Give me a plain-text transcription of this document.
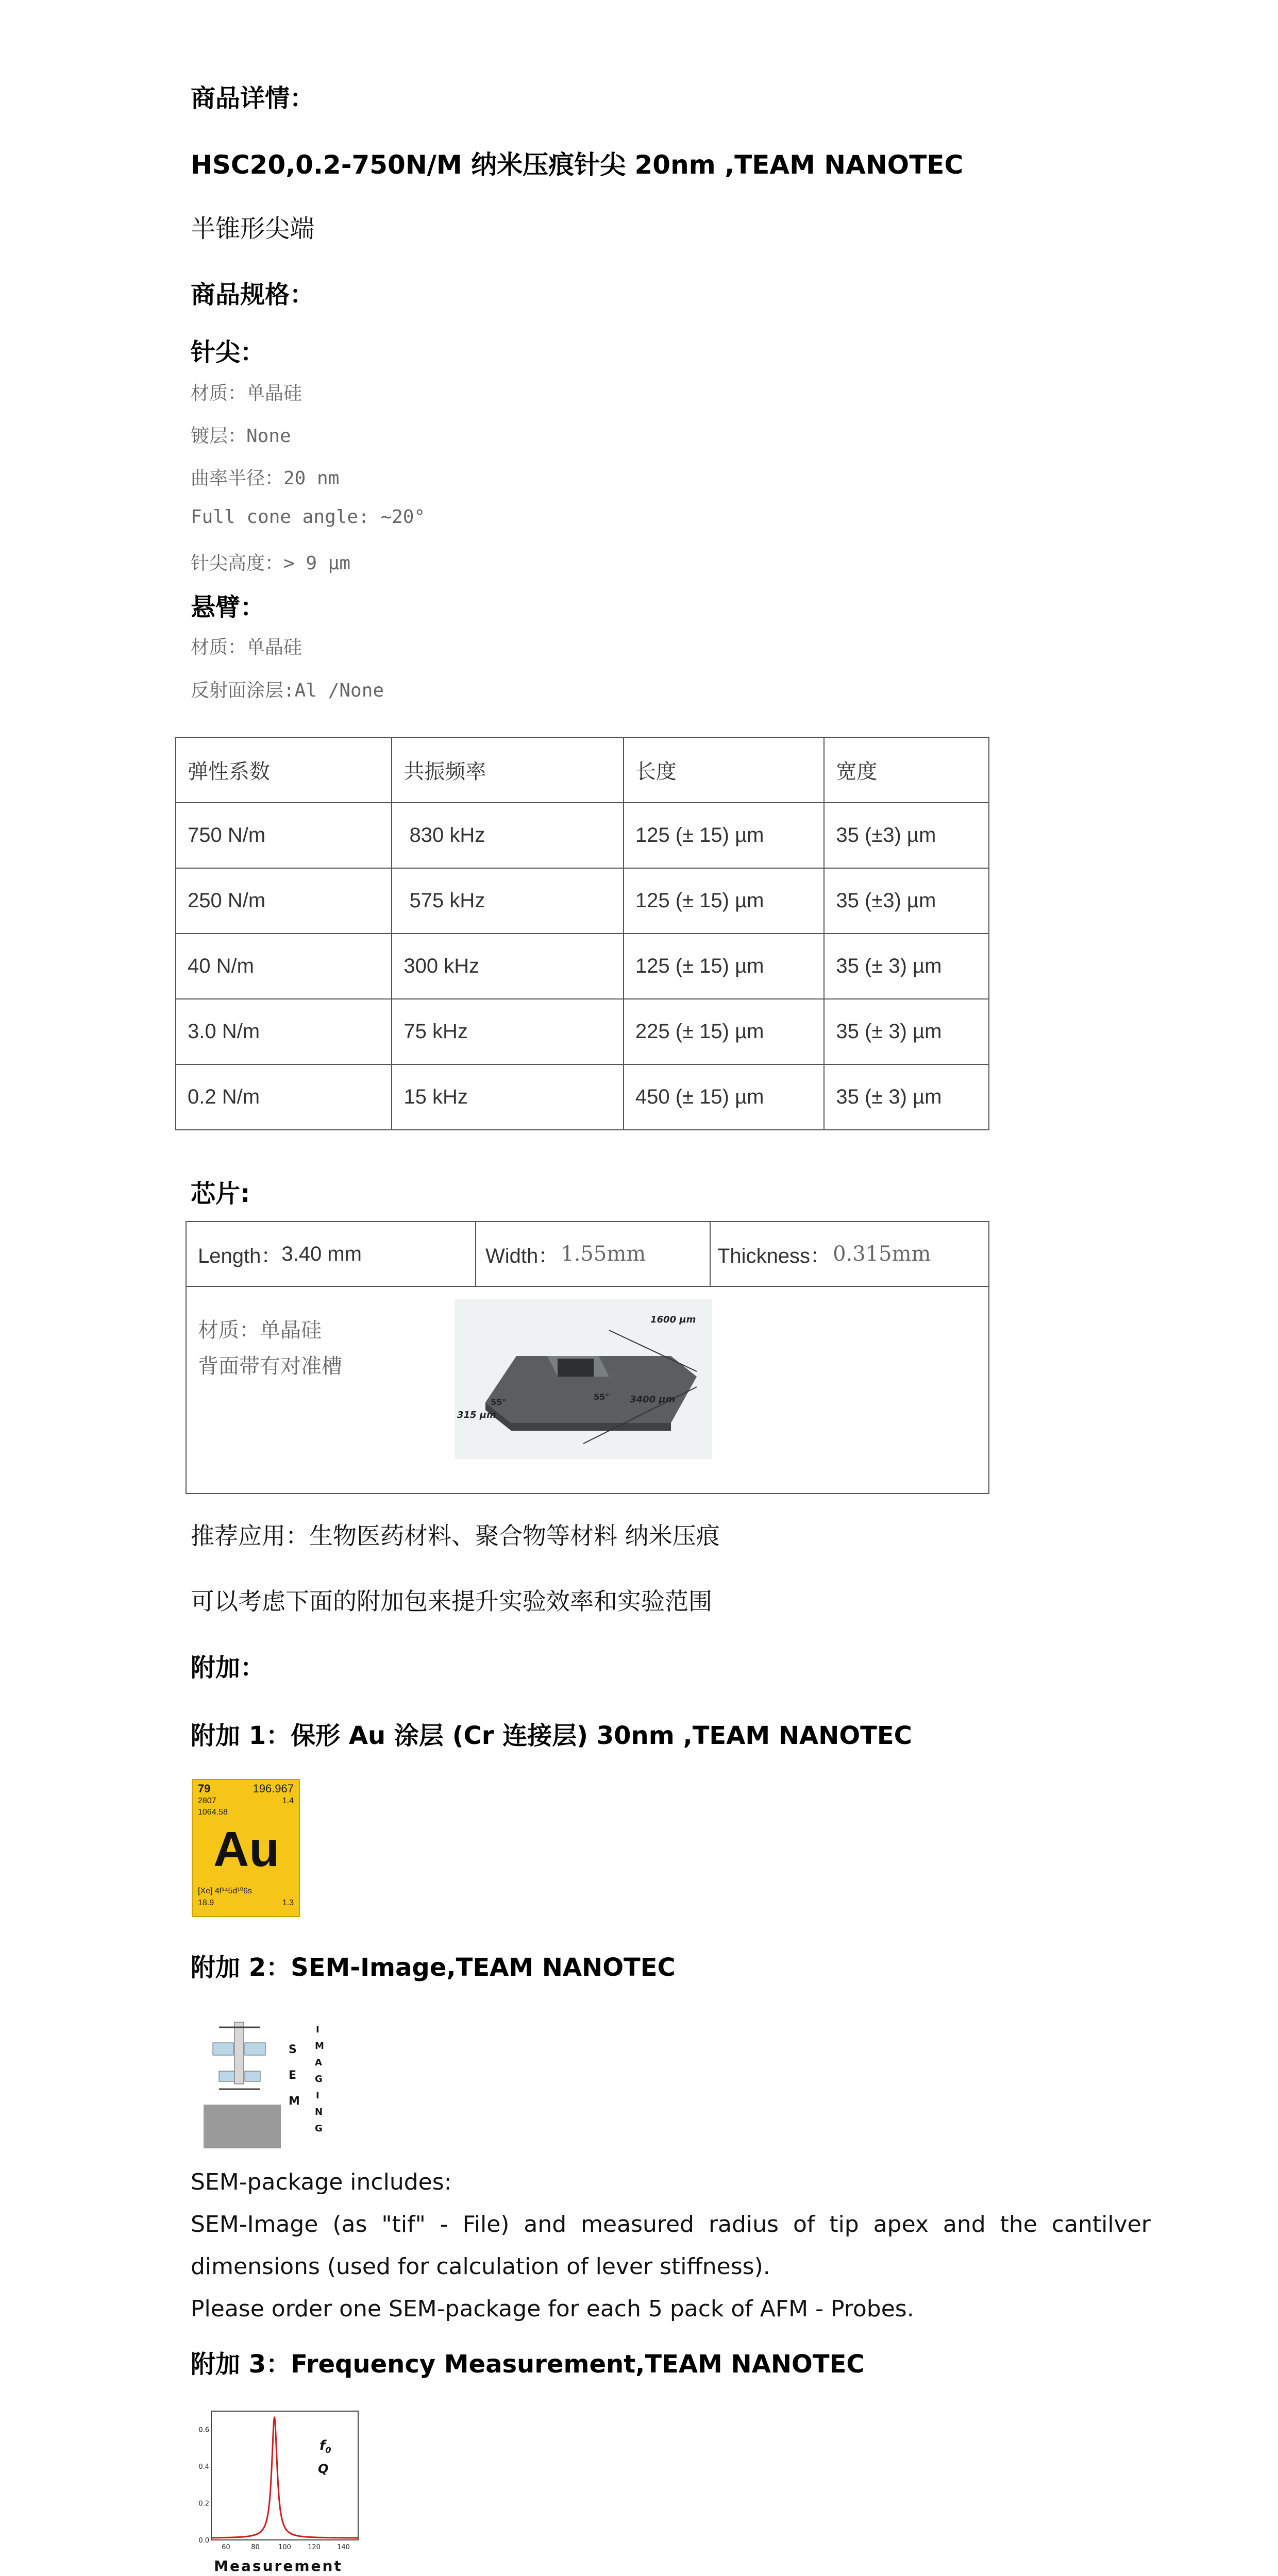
商品详情：
HSC20,0.2-750N/M 纳米压痕针尖 20nm ,TEAM NANOTEC
半锥形尖端
商品规格：
针尖：
材质：单晶硅
镀层：None
曲率半径：20 nm
Full cone angle: ~20°
针尖高度：> 9 μm
悬臂：
材质：单晶硅
反射面涂层:Al /None
弹性系数	共振频率	长度	宽度
750 N/m	830 kHz	125 (± 15) µm	35 (±3) µm
250 N/m	575 kHz	125 (± 15) µm	35 (±3) µm
40 N/m	300 kHz	125 (± 15) µm	35 (± 3) µm
3.0 N/m	75 kHz	225 (± 15) µm	35 (± 3) µm
0.2 N/m	15 kHz	450 (± 15) µm	35 (± 3) µm
芯片:
Length： 3.40 mm	Width： 1.55mm	Thickness： 0.315mm
材质：单晶硅
背面带有对准槽
1600 µm
3400 µm
315 µm
55°
55°
推荐应用：生物医药材料、聚合物等材料 纳米压痕
可以考虑下面的附加包来提升实验效率和实验范围
附加：
附加 1：保形 Au 涂层 (Cr 连接层) 30nm ,TEAM NANOTEC
79	196.967
2807	1.4
1064.58
Au
[Xe] 4f¹⁴5d¹⁰6s
18.9	1.3
附加 2：SEM-Image,TEAM NANOTEC
S
E
M
I
M
A
G
I
N
G
SEM-package includes:
SEM-Image  (as  "tif"  -  File)  and  measured  radius  of  tip  apex  and  the  cantilver
dimensions (used for calculation of lever stiffness).
Please order one SEM-package for each 5 pack of AFM - Probes.
附加 3：Frequency Measurement,TEAM NANOTEC
0.6
0.4
0.2
0.0
60	80	100 120 140
$f_0$
Q
Measurement
